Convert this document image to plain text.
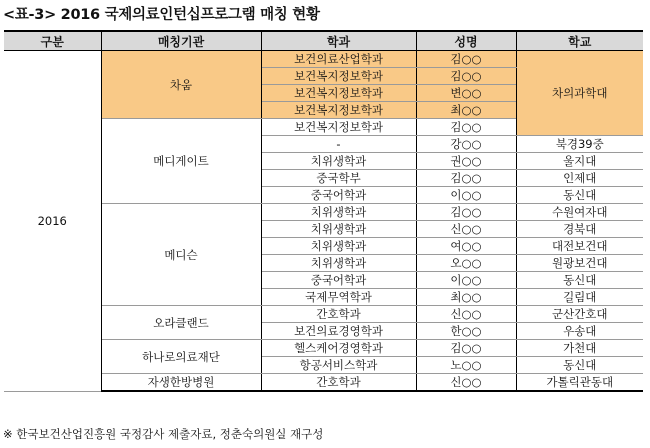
<표-3> 2016 국제의료인턴십프로그램 매칭 현황
구분	매칭기관	학과	성명	학교
2016	차움	보건의료산업학과	김○○	차의과학대
		보건복지정보학과	김○○	
		보건복지정보학과	변○○	
		보건복지정보학과	최○○	
	메디게이트	보건복지정보학과	김○○	
		-	강○○	북경39중
		치위생학과	권○○	울지대
		중국학부	김○○	인제대
		중국어학과	이○○	동신대
	메디슨	치위생학과	김○○	수원여자대
		치위생학과	신○○	경북대
		치위생학과	여○○	대전보건대
		치위생학과	오○○	원광보건대
		중국어학과	이○○	동신대
		국제무역학과	최○○	길림대
	오라클랜드	간호학과	신○○	군산간호대
		보건의료경영학과	한○○	우송대
	하나로의료재단	헬스케어경영학과	김○○	가천대
		항공서비스학과	노○○	동신대
	자생한방병원	간호학과	신○○	가톨릭관동대
※ 한국보건산업진흥원 국정감사 제출자료, 정춘숙의원실 재구성
